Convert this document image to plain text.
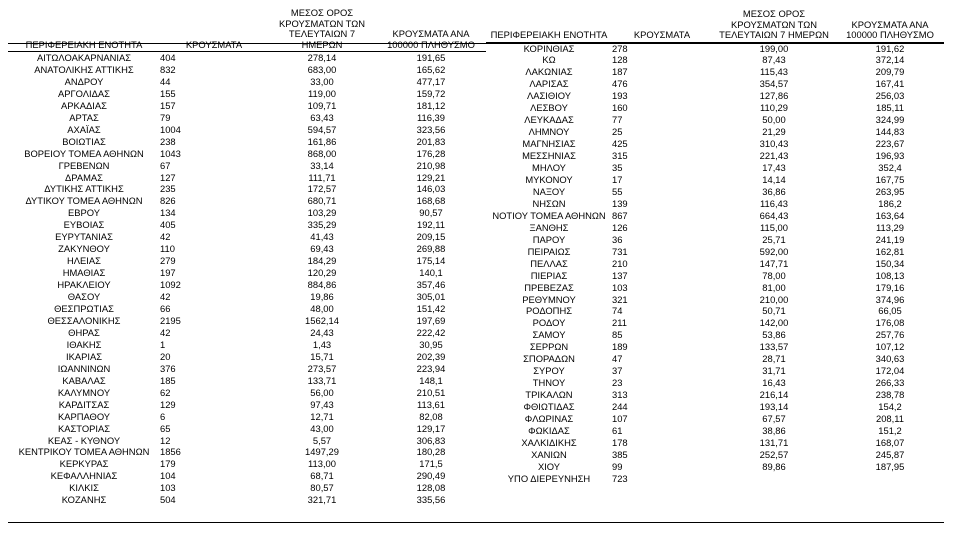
ΠΕΡΙΦΕΡΕΙΑΚΗ ΕΝΟΤΗΤΑ	ΚΡΟΥΣΜΑΤΑ	ΜΕΣΟΣ ΟΡΟΣ ΚΡΟΥΣΜΑΤΩΝ ΤΩΝ ΤΕΛΕΥΤΑΙΩΝ 7 ΗΜΕΡΩΝ	ΚΡΟΥΣΜΑΤΑ ΑΝΑ 100000 ΠΛΗΘΥΣΜΟ
ΑΙΤΩΛΟΑΚΑΡΝΑΝΙΑΣ	404	278,14	191,65
ΑΝΑΤΟΛΙΚΗΣ ΑΤΤΙΚΗΣ	832	683,00	165,62
ΑΝΔΡΟΥ	44	33,00	477,17
ΑΡΓΟΛΙΔΑΣ	155	119,00	159,72
ΑΡΚΑΔΙΑΣ	157	109,71	181,12
ΑΡΤΑΣ	79	63,43	116,39
ΑΧΑΪΑΣ	1004	594,57	323,56
ΒΟΙΩΤΙΑΣ	238	161,86	201,83
ΒΟΡΕΙΟΥ ΤΟΜΕΑ ΑΘΗΝΩΝ	1043	868,00	176,28
ΓΡΕΒΕΝΩΝ	67	33,14	210,98
ΔΡΑΜΑΣ	127	111,71	129,21
ΔΥΤΙΚΗΣ ΑΤΤΙΚΗΣ	235	172,57	146,03
ΔΥΤΙΚΟΥ ΤΟΜΕΑ ΑΘΗΝΩΝ	826	680,71	168,68
ΕΒΡΟΥ	134	103,29	90,57
ΕΥΒΟΙΑΣ	405	335,29	192,11
ΕΥΡΥΤΑΝΙΑΣ	42	41,43	209,15
ΖΑΚΥΝΘΟΥ	110	69,43	269,88
ΗΛΕΙΑΣ	279	184,29	175,14
ΗΜΑΘΙΑΣ	197	120,29	140,1
ΗΡΑΚΛΕΙΟΥ	1092	884,86	357,46
ΘΑΣΟΥ	42	19,86	305,01
ΘΕΣΠΡΩΤΙΑΣ	66	48,00	151,42
ΘΕΣΣΑΛΟΝΙΚΗΣ	2195	1562,14	197,69
ΘΗΡΑΣ	42	24,43	222,42
ΙΘΑΚΗΣ	1	1,43	30,95
ΙΚΑΡΙΑΣ	20	15,71	202,39
ΙΩΑΝΝΙΝΩΝ	376	273,57	223,94
ΚΑΒΑΛΑΣ	185	133,71	148,1
ΚΑΛΥΜΝΟΥ	62	56,00	210,51
ΚΑΡΔΙΤΣΑΣ	129	97,43	113,61
ΚΑΡΠΑΘΟΥ	6	12,71	82,08
ΚΑΣΤΟΡΙΑΣ	65	43,00	129,17
ΚΕΑΣ - ΚΥΘΝΟΥ	12	5,57	306,83
ΚΕΝΤΡΙΚΟΥ ΤΟΜΕΑ ΑΘΗΝΩΝ	1856	1497,29	180,28
ΚΕΡΚΥΡΑΣ	179	113,00	171,5
ΚΕΦΑΛΛΗΝΙΑΣ	104	68,71	290,49
ΚΙΛΚΙΣ	103	80,57	128,08
ΚΟΖΑΝΗΣ	504	321,71	335,56
ΠΕΡΙΦΕΡΕΙΑΚΗ ΕΝΟΤΗΤΑ	ΚΡΟΥΣΜΑΤΑ	ΜΕΣΟΣ ΟΡΟΣ ΚΡΟΥΣΜΑΤΩΝ ΤΩΝ ΤΕΛΕΥΤΑΙΩΝ 7 ΗΜΕΡΩΝ	ΚΡΟΥΣΜΑΤΑ ΑΝΑ 100000 ΠΛΗΘΥΣΜΟ
ΚΟΡΙΝΘΙΑΣ	278	199,00	191,62
ΚΩ	128	87,43	372,14
ΛΑΚΩΝΙΑΣ	187	115,43	209,79
ΛΑΡΙΣΑΣ	476	354,57	167,41
ΛΑΣΙΘΙΟΥ	193	127,86	256,03
ΛΕΣΒΟΥ	160	110,29	185,11
ΛΕΥΚΑΔΑΣ	77	50,00	324,99
ΛΗΜΝΟΥ	25	21,29	144,83
ΜΑΓΝΗΣΙΑΣ	425	310,43	223,67
ΜΕΣΣΗΝΙΑΣ	315	221,43	196,93
ΜΗΛΟΥ	35	17,43	352,4
ΜΥΚΟΝΟΥ	17	14,14	167,75
ΝΑΞΟΥ	55	36,86	263,95
ΝΗΣΩΝ	139	116,43	186,2
ΝΟΤΙΟΥ ΤΟΜΕΑ ΑΘΗΝΩΝ	867	664,43	163,64
ΞΑΝΘΗΣ	126	115,00	113,29
ΠΑΡΟΥ	36	25,71	241,19
ΠΕΙΡΑΙΩΣ	731	592,00	162,81
ΠΕΛΛΑΣ	210	147,71	150,34
ΠΙΕΡΙΑΣ	137	78,00	108,13
ΠΡΕΒΕΖΑΣ	103	81,00	179,16
ΡΕΘΥΜΝΟΥ	321	210,00	374,96
ΡΟΔΟΠΗΣ	74	50,71	66,05
ΡΟΔΟΥ	211	142,00	176,08
ΣΑΜΟΥ	85	53,86	257,76
ΣΕΡΡΩΝ	189	133,57	107,12
ΣΠΟΡΑΔΩΝ	47	28,71	340,63
ΣΥΡΟΥ	37	31,71	172,04
ΤΗΝΟΥ	23	16,43	266,33
ΤΡΙΚΑΛΩΝ	313	216,14	238,78
ΦΘΙΩΤΙΔΑΣ	244	193,14	154,2
ΦΛΩΡΙΝΑΣ	107	67,57	208,11
ΦΩΚΙΔΑΣ	61	38,86	151,2
ΧΑΛΚΙΔΙΚΗΣ	178	131,71	168,07
ΧΑΝΙΩΝ	385	252,57	245,87
ΧΙΟΥ	99	89,86	187,95
ΥΠΟ ΔΙΕΡΕΥΝΗΣΗ	723		
